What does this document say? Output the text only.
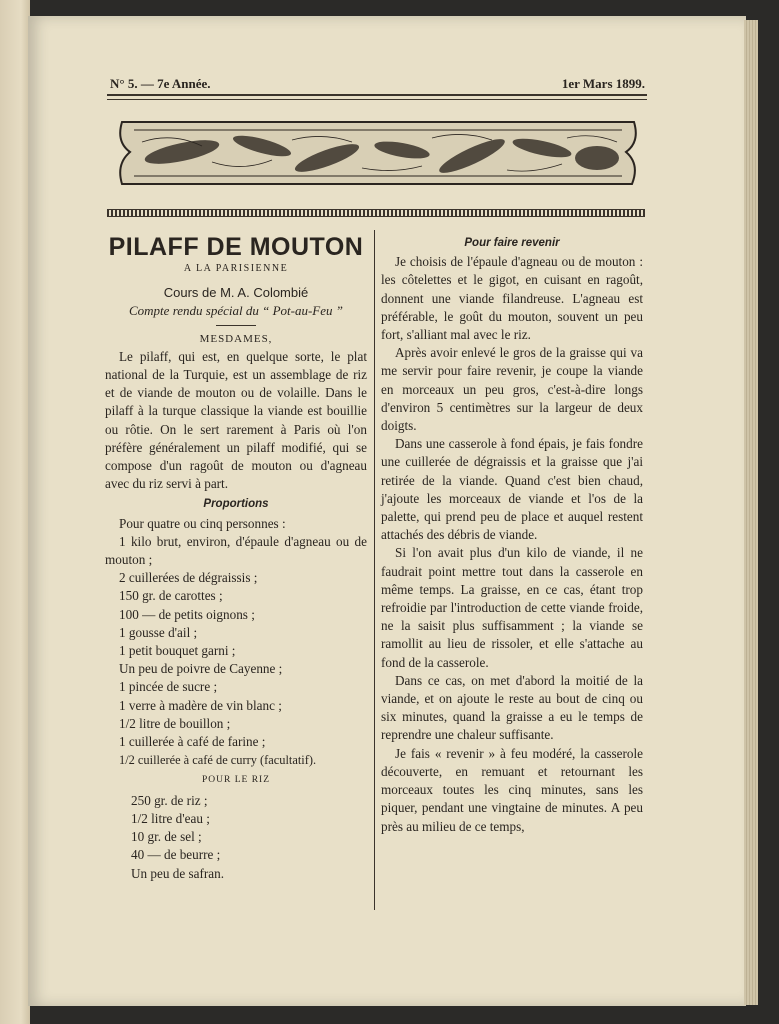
N° 5. — 7e Année.	1er Mars 1899.
PILAFF DE MOUTON
A LA PARISIENNE
Cours de M. A. Colombié
Compte rendu spécial du “ Pot-au-Feu ”
MESDAMES,

Le pilaff, qui est, en quelque sorte, le plat national de la Turquie, est un assemblage de riz et de viande de mouton ou de volaille. Dans le pilaff à la turque classique la viande est bouillie ou rôtie. On le sert rarement à Paris où l'on préfère généralement un pilaff modifié, qui se compose d'un ragoût de mouton ou d'agneau avec du riz servi à part.

Proportions

Pour quatre ou cinq personnes :

1 kilo brut, environ, d'épaule d'agneau ou de mouton ;

2 cuillerées de dégraissis ;

150 gr. de carottes ;

100 — de petits oignons ;

1 gousse d'ail ;

1 petit bouquet garni ;

Un peu de poivre de Cayenne ;

1 pincée de sucre ;

1 verre à madère de vin blanc ;

1/2 litre de bouillon ;

1 cuillerée à café de farine ;

1/2 cuillerée à café de curry (facultatif).

POUR LE RIZ

250 gr. de riz ;

1/2 litre d'eau ;

10 gr. de sel ;

40 — de beurre ;

Un peu de safran.

Pour faire revenir

Je choisis de l'épaule d'agneau ou de mouton : les côtelettes et le gigot, en cuisant en ragoût, donnent une viande filandreuse. L'agneau est préférable, le goût du mouton, souvent un peu fort, s'alliant mal avec le riz.

Après avoir enlevé le gros de la graisse qui va me servir pour faire revenir, je coupe la viande en morceaux un peu gros, c'est-à-dire longs d'environ 5 centimètres sur la largeur de deux doigts.

Dans une casserole à fond épais, je fais fondre une cuillerée de dégraissis et la graisse que j'ai retirée de la viande. Quand c'est bien chaud, j'ajoute les morceaux de viande et l'os de la palette, qui prend peu de place et auquel restent attachés des débris de viande.

Si l'on avait plus d'un kilo de viande, il ne faudrait point mettre tout dans la casserole en même temps. La graisse, en ce cas, étant trop refroidie par l'introduction de cette viande froide, ne la saisit plus suffisamment ; la viande se ramollit au lieu de rissoler, et elle s'attache au fond de la casserole.

Dans ce cas, on met d'abord la moitié de la viande, et on ajoute le reste au bout de cinq ou six minutes, quand la graisse a eu le temps de reprendre une chaleur suffisante.

Je fais « revenir » à feu modéré, la casserole découverte, en remuant et retournant les morceaux toutes les cinq minutes, sans les piquer, pendant une vingtaine de minutes. A peu près au milieu de ce temps,
